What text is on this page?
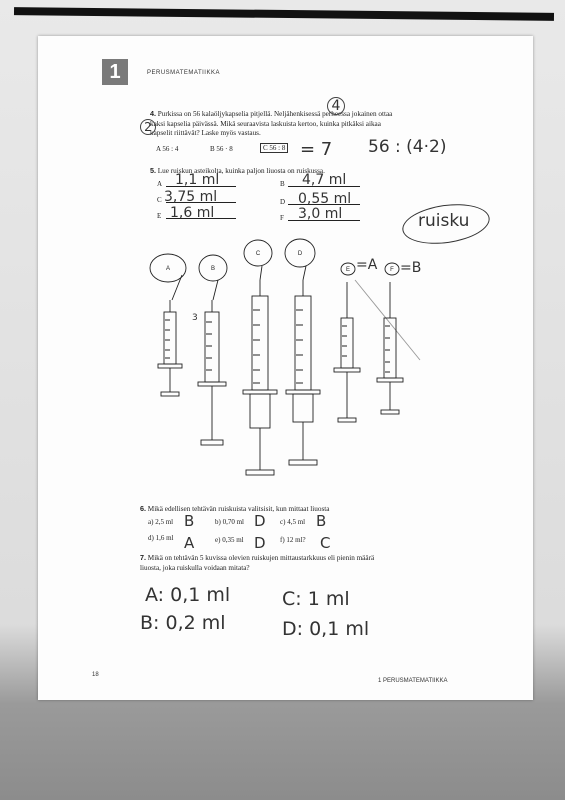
1	PERUSMATEMATIIKKA
4. Purkissa on 56 kalaöljykapselia pitjellä. Neljähenkisessä perheessa jokainen ottaa
kaksi kapselia päivässä. Mikä seuraavista laskuista kertoo, kuinka pitkäksi aikaa
kapselit riittävät? Laske myös vastaus.
4
2
A 56 : 4	B 56 · 8	C 56 : 8 = 7 56 : (4·2)
5. Lue ruiskun asteikolta, kuinka paljon liuosta on ruiskussa.
A 1,1 ml	B 4,7 ml
C 3,75 ml	D 0,55 ml
E 1,6 ml	F 3,0 ml	ruisku
A	B
C	D
E	F
=A =B
3
6. Mikä edellisen tehtävän ruiskuista valitsisit, kun mittaat liuosta
a) 2,5 ml B	b) 0,70 ml D c) 4,5 ml B
d) 1,6 ml A	e) 0,35 ml D f) 12 ml? C
7. Mikä on tehtävän 5 kuvissa olevien ruiskujen mittaustarkkuus eli pienin määrä
liuosta, joka ruiskulla voidaan mitata?
A: 0,1 ml	C: 1 ml
B: 0,2 ml	D: 0,1 ml
18
1 PERUSMATEMATIIKKA
